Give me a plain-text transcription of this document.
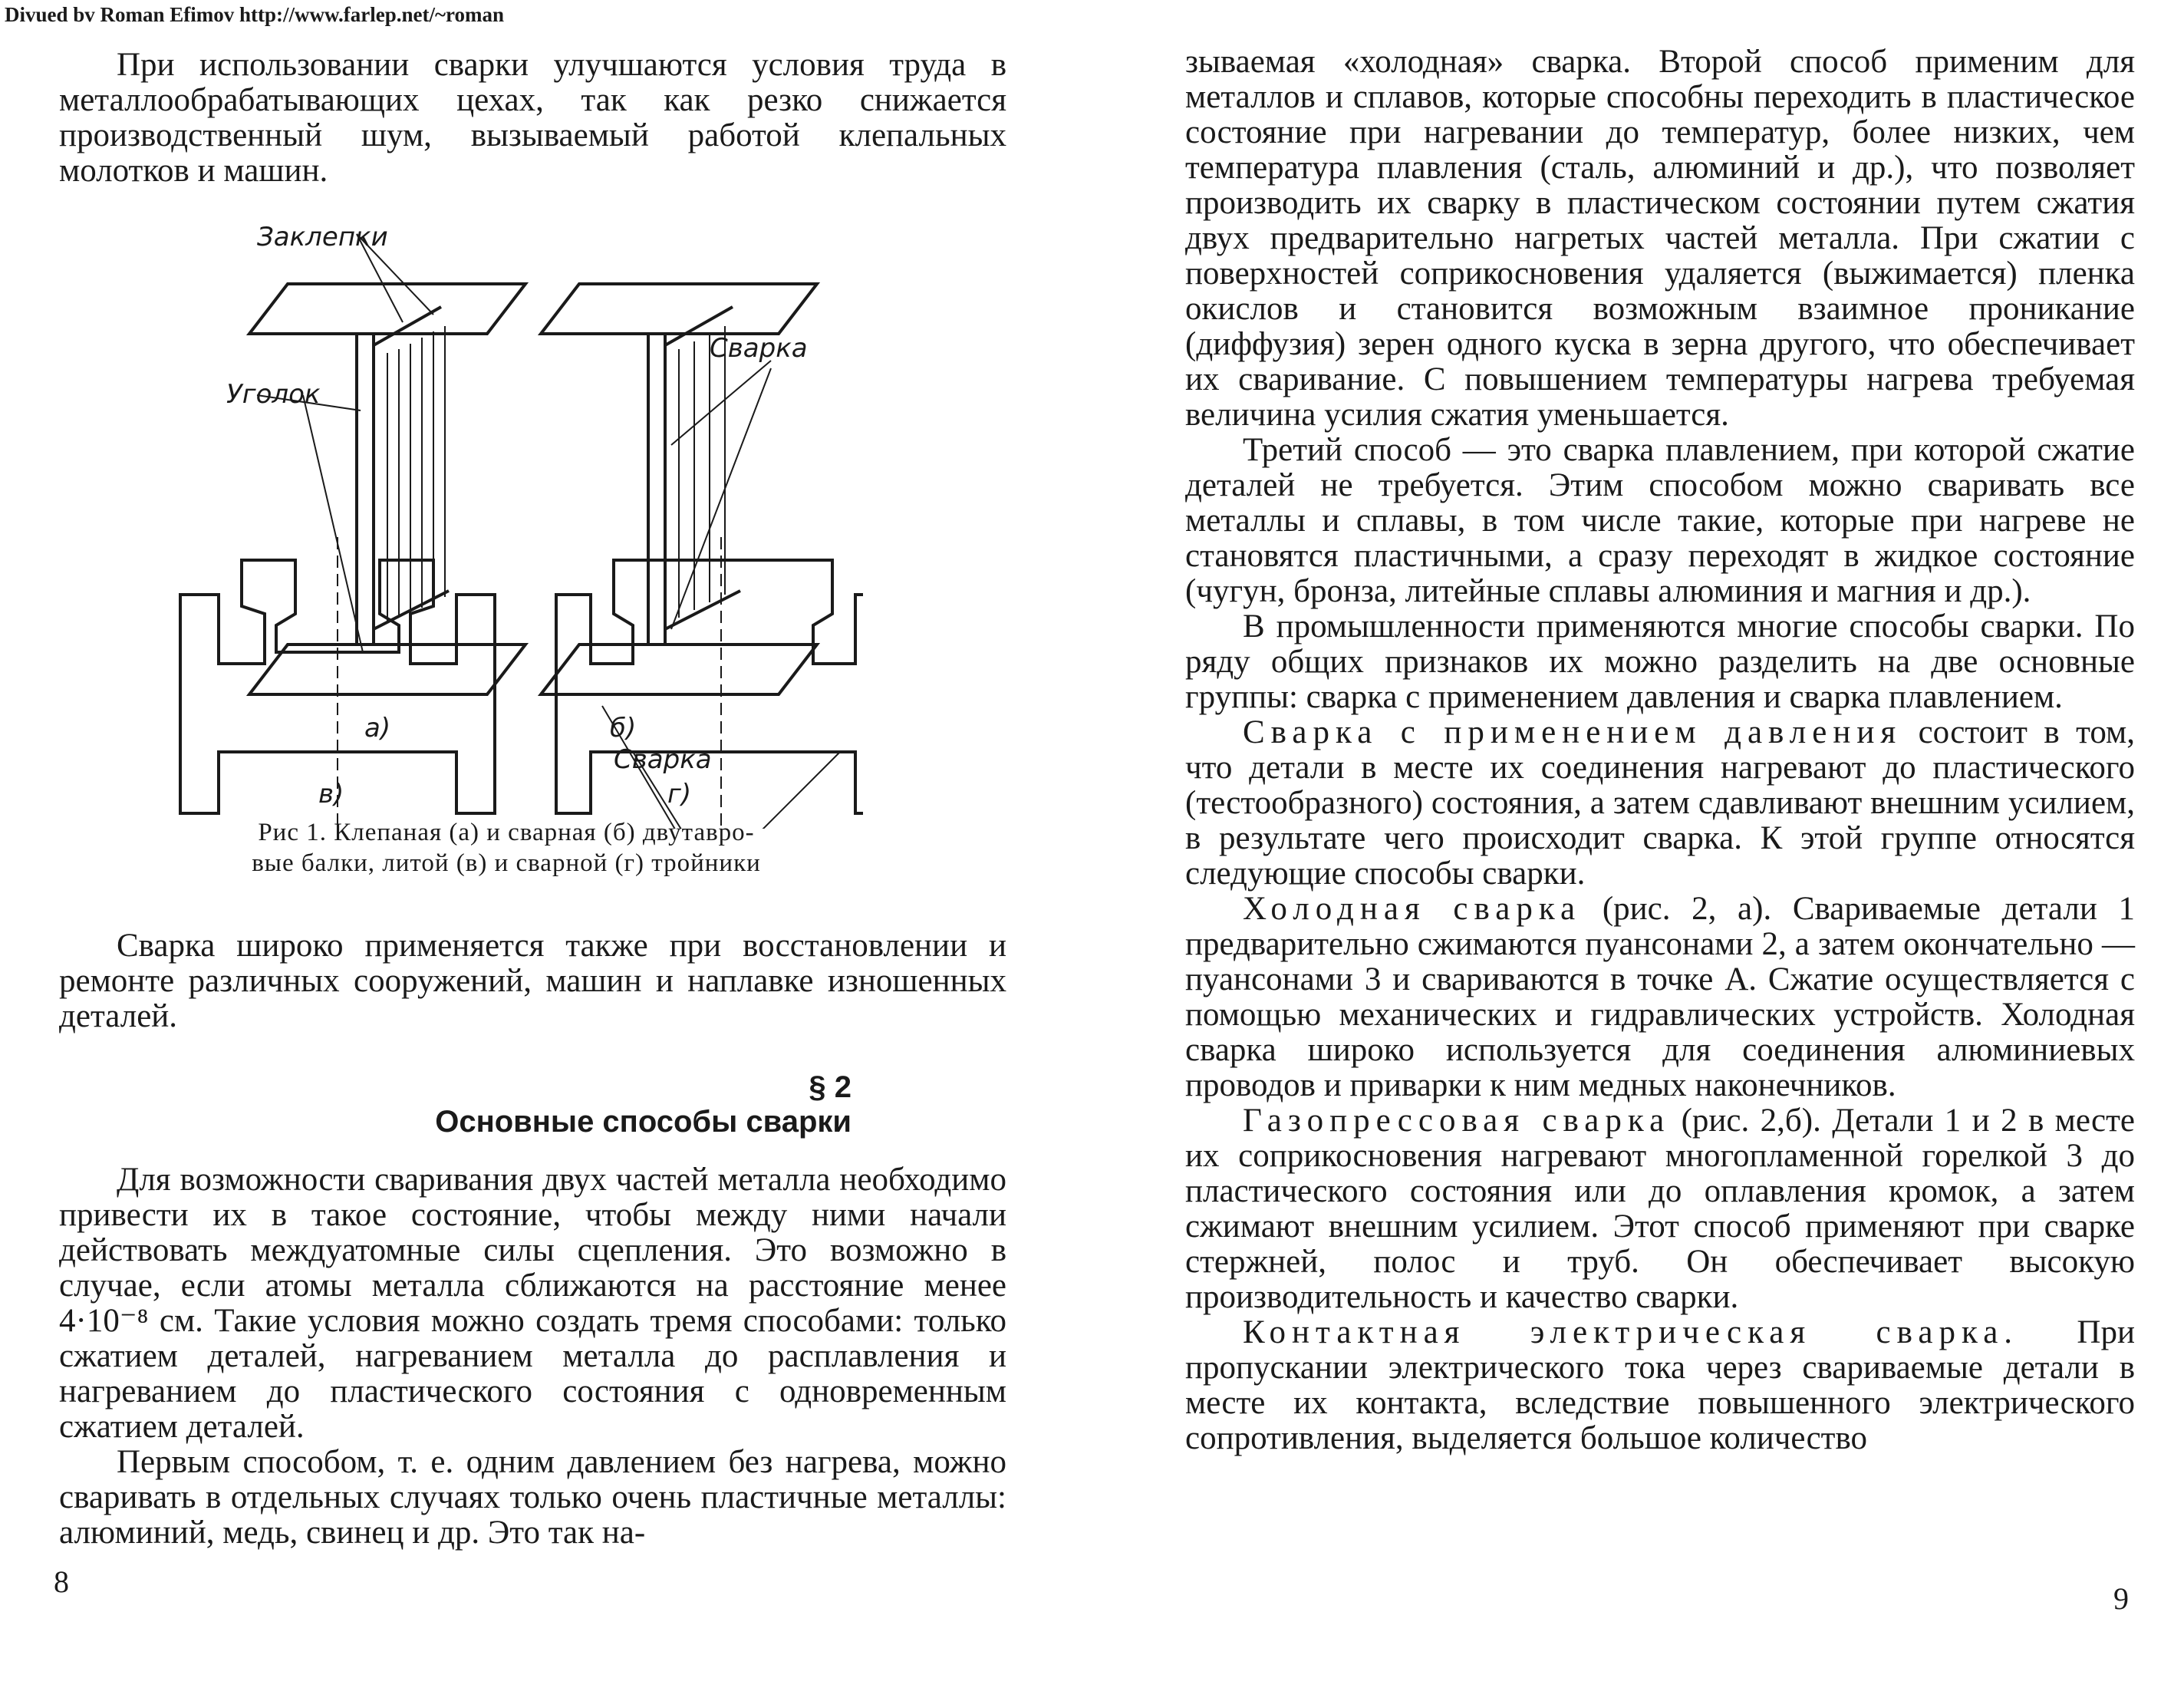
Divued bv Roman Efimov http://www.farlep.net/~roman

При использовании сварки улучшаются условия труда в металлообрабатывающих цехах, так как резко снижается производственный шум, вызываемый работой клепальных молотков и машин.

Заклепки
Уголок
Сварка
а)	б)
в)
Сварка
г)
Рис 1. Клепаная (а) и сварная (б) двутавро-
вые балки, литой (в) и сварной (г) тройники

Сварка широко применяется также при восстановлении и ремонте различных сооружений, машин и наплавке изношенных деталей.

§ 2
Основные способы сварки

Для возможности сваривания двух частей металла необходимо привести их в такое состояние, чтобы между ними начали действовать междуатомные силы сцепления. Это возможно в случае, если атомы металла сближаются на расстояние менее 4·10⁻⁸ см. Такие условия можно создать тремя способами: только сжатием деталей, нагреванием металла до расплавления и нагреванием до пластического состояния с одновременным сжатием деталей.

Первым способом, т. е. одним давлением без нагрева, можно сваривать в отдельных случаях только очень пластичные металлы: алюминий, медь, свинец и др. Это так на-

8

зываемая «холодная» сварка. Второй способ применим для металлов и сплавов, которые способны переходить в пластическое состояние при нагревании до температур, более низких, чем температура плавления (сталь, алюминий и др.), что позволяет производить их сварку в пластическом состоянии путем сжатия двух предварительно нагретых частей металла. При сжатии с поверхностей соприкосновения удаляется (выжимается) пленка окислов и становится возможным взаимное проникание (диффузия) зерен одного куска в зерна другого, что обеспечивает их сваривание. С повышением температуры нагрева требуемая величина усилия сжатия уменьшается.

Третий способ — это сварка плавлением, при которой сжатие деталей не требуется. Этим способом можно сваривать все металлы и сплавы, в том числе такие, которые при нагреве не становятся пластичными, а сразу переходят в жидкое состояние (чугун, бронза, литейные сплавы алюминия и магния и др.).

В промышленности применяются многие способы сварки. По ряду общих признаков их можно разделить на две основные группы: сварка с применением давления и сварка плавлением.

Сварка с применением давления состоит в том, что детали в месте их соединения нагревают до пластического (тестообразного) состояния, а затем сдавливают внешним усилием, в результате чего происходит сварка. К этой группе относятся следующие способы сварки.

Холодная сварка (рис. 2, а). Свариваемые детали 1 предварительно сжимаются пуансонами 2, а затем окончательно — пуансонами 3 и свариваются в точке А. Сжатие осуществляется с помощью механических и гидравлических устройств. Холодная сварка широко используется для соединения алюминиевых проводов и приварки к ним медных наконечников.

Газопрессовая сварка (рис. 2,б). Детали 1 и 2 в месте их соприкосновения нагревают многопламенной горелкой 3 до пластического состояния или до оплавления кромок, а затем сжимают внешним усилием. Этот способ применяют при сварке стержней, полос и труб. Он обеспечивает высокую производительность и качество сварки.

Контактная электрическая сварка. При пропускании электрического тока через свариваемые детали в месте их контакта, вследствие повышенного электрического сопротивления, выделяется большое количество

9
